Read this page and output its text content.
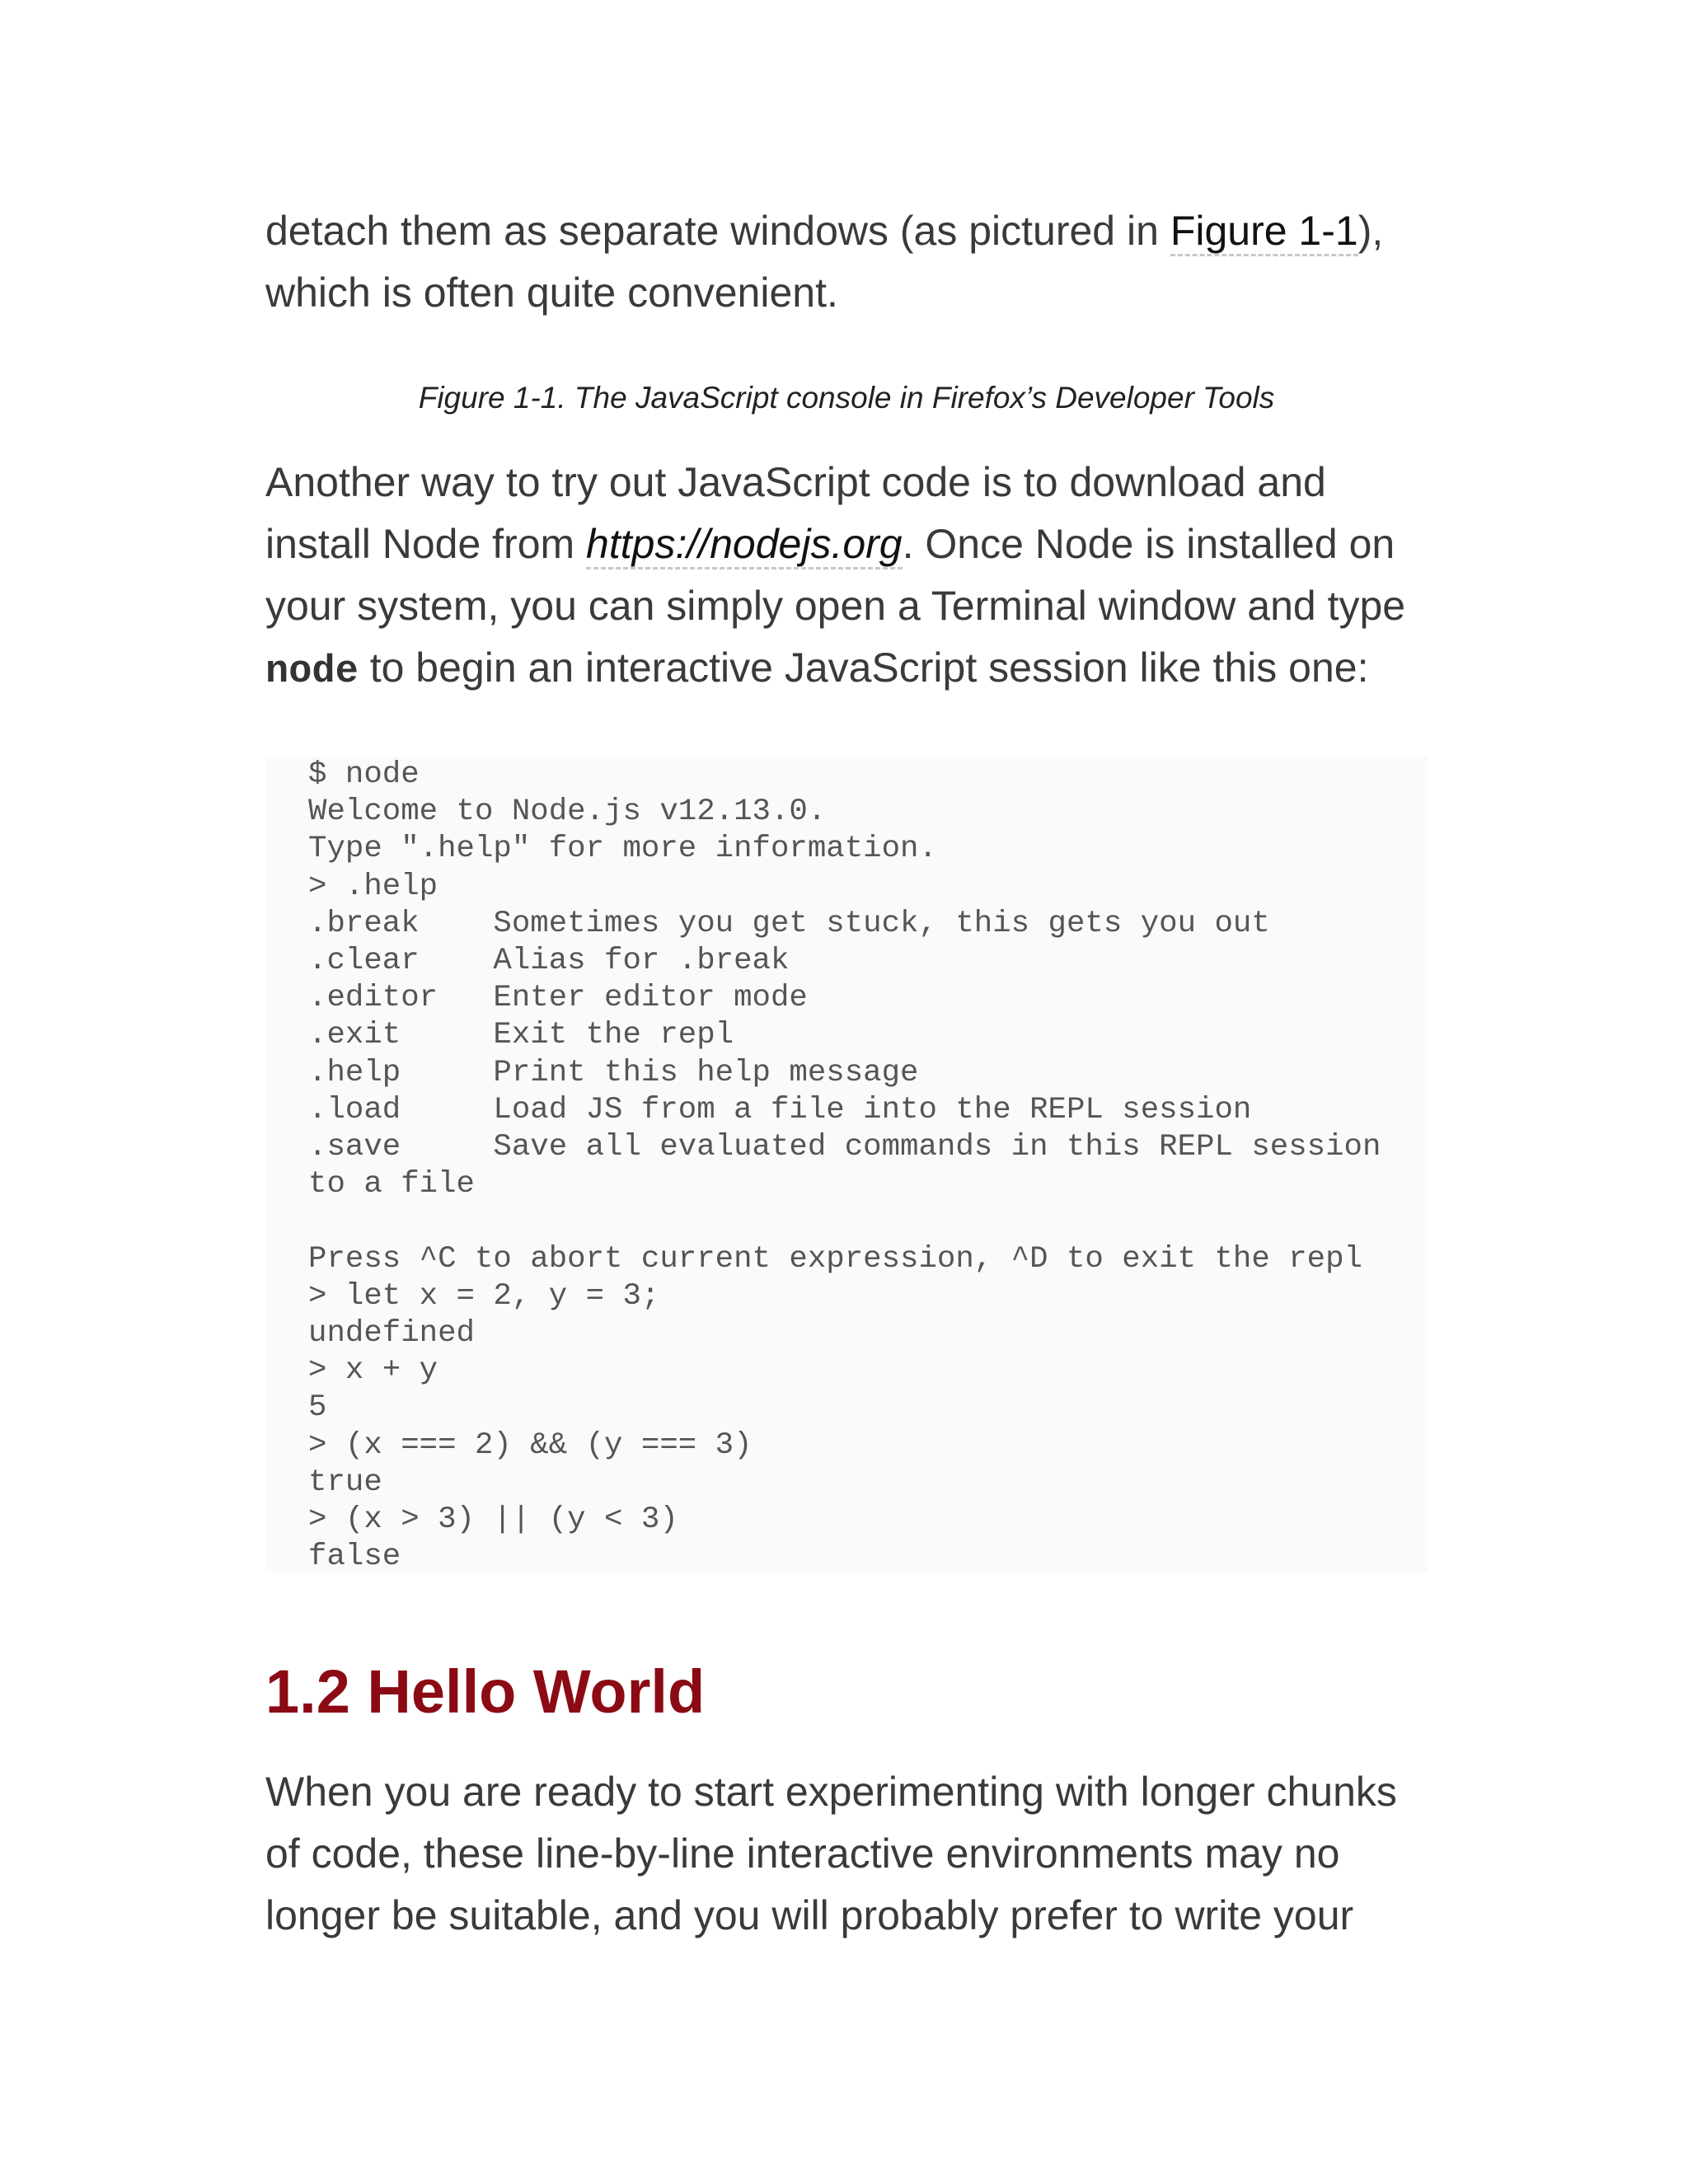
detach them as separate windows (as pictured in Figure 1-1), which is often quite convenient.

Figure 1-1. The JavaScript console in Firefox’s Developer Tools

Another way to try out JavaScript code is to download and install Node from https://nodejs.org. Once Node is installed on your system, you can simply open a Terminal window and type node to begin an interactive JavaScript session like this one:

$ node
Welcome to Node.js v12.13.0.
Type ".help" for more information.
> .help
.break    Sometimes you get stuck, this gets you out
.clear    Alias for .break
.editor   Enter editor mode
.exit     Exit the repl
.help     Print this help message
.load     Load JS from a file into the REPL session
.save     Save all evaluated commands in this REPL session
to a file

Press ^C to abort current expression, ^D to exit the repl
> let x = 2, y = 3;
undefined
> x + y
5
> (x === 2) && (y === 3)
true
> (x > 3) || (y < 3)
false

1.2 Hello World

When you are ready to start experimenting with longer chunks of code, these line-by-line interactive environments may no longer be suitable, and you will probably prefer to write your
